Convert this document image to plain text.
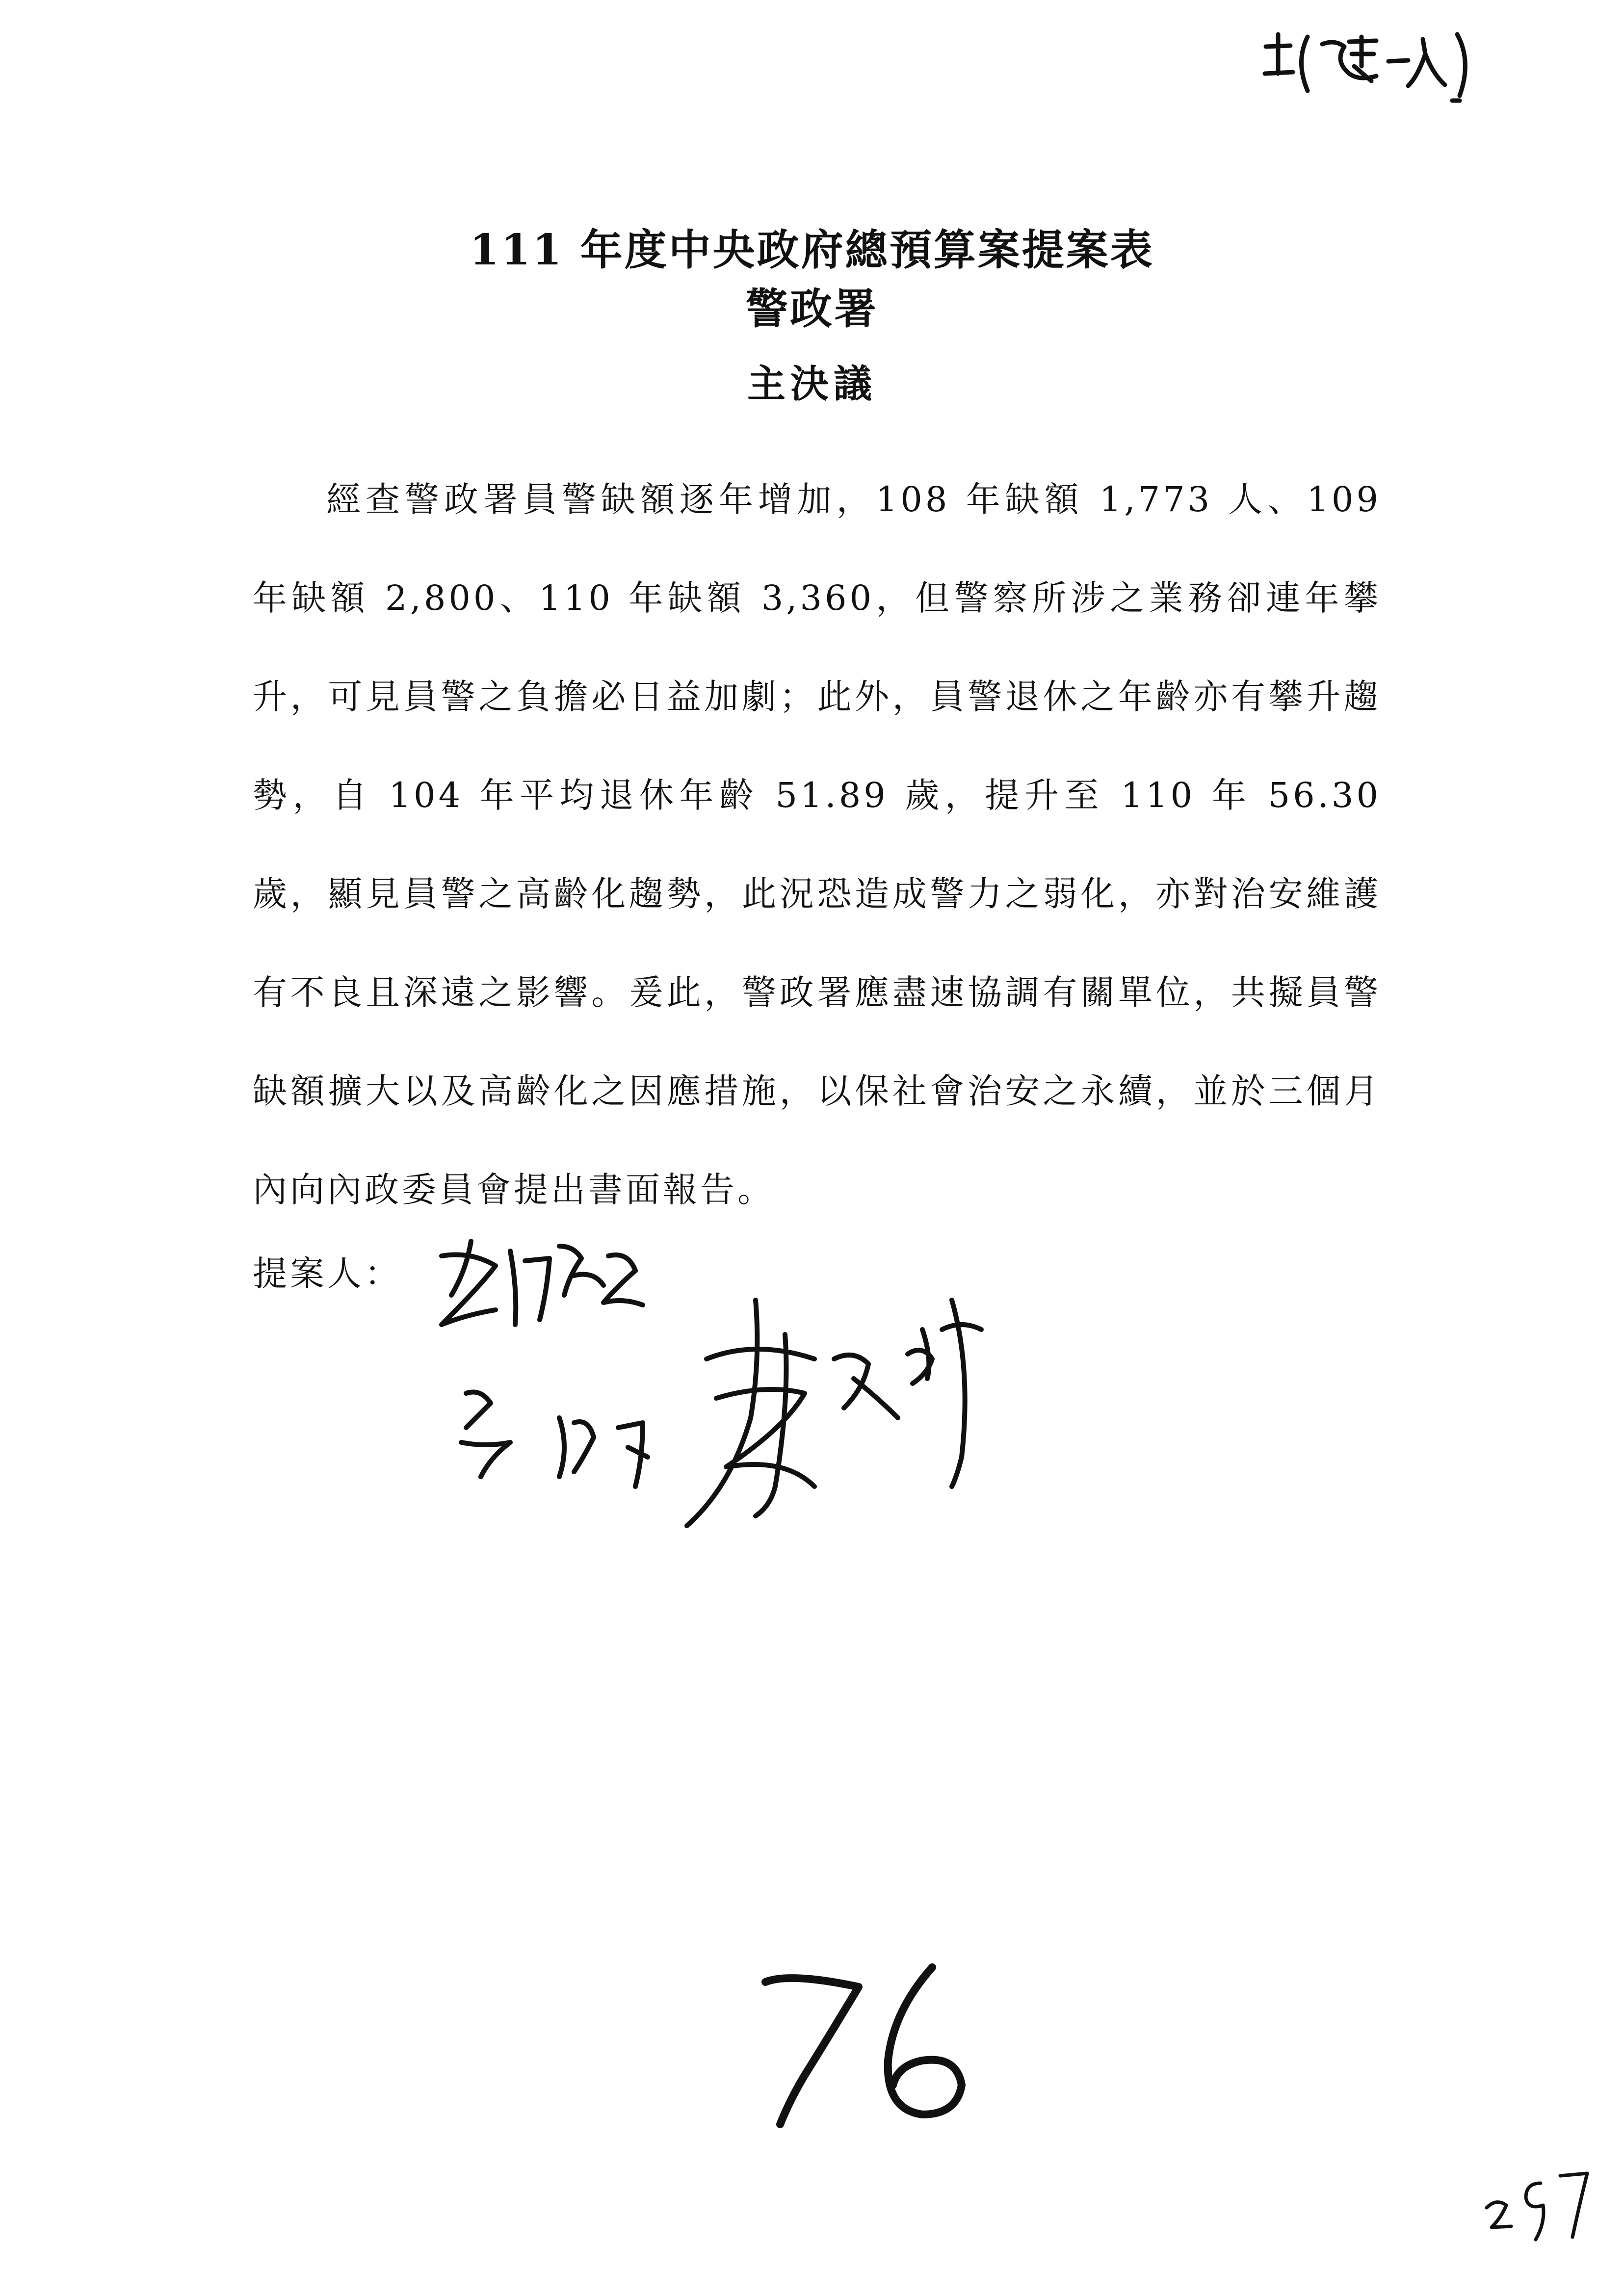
111 年度中央政府總預算案提案表
警政署
主決議
經查警政署員警缺額逐年增加，108 年缺額 1,773 人、109 年缺額 2,800、110 年缺額 3,360，但警察所涉之業務卻連年攀升，可見員警之負擔必日益加劇；此外，員警退休之年齡亦有攀升趨勢，自 104 年平均退休年齡 51.89 歲，提升至 110 年 56.30 歲，顯見員警之高齡化趨勢，此況恐造成警力之弱化，亦對治安維護有不良且深遠之影響。爰此，警政署應盡速協調有關單位，共擬員警缺額擴大以及高齡化之因應措施，以保社會治安之永續，並於三個月內向內政委員會提出書面報告。
提案人：
